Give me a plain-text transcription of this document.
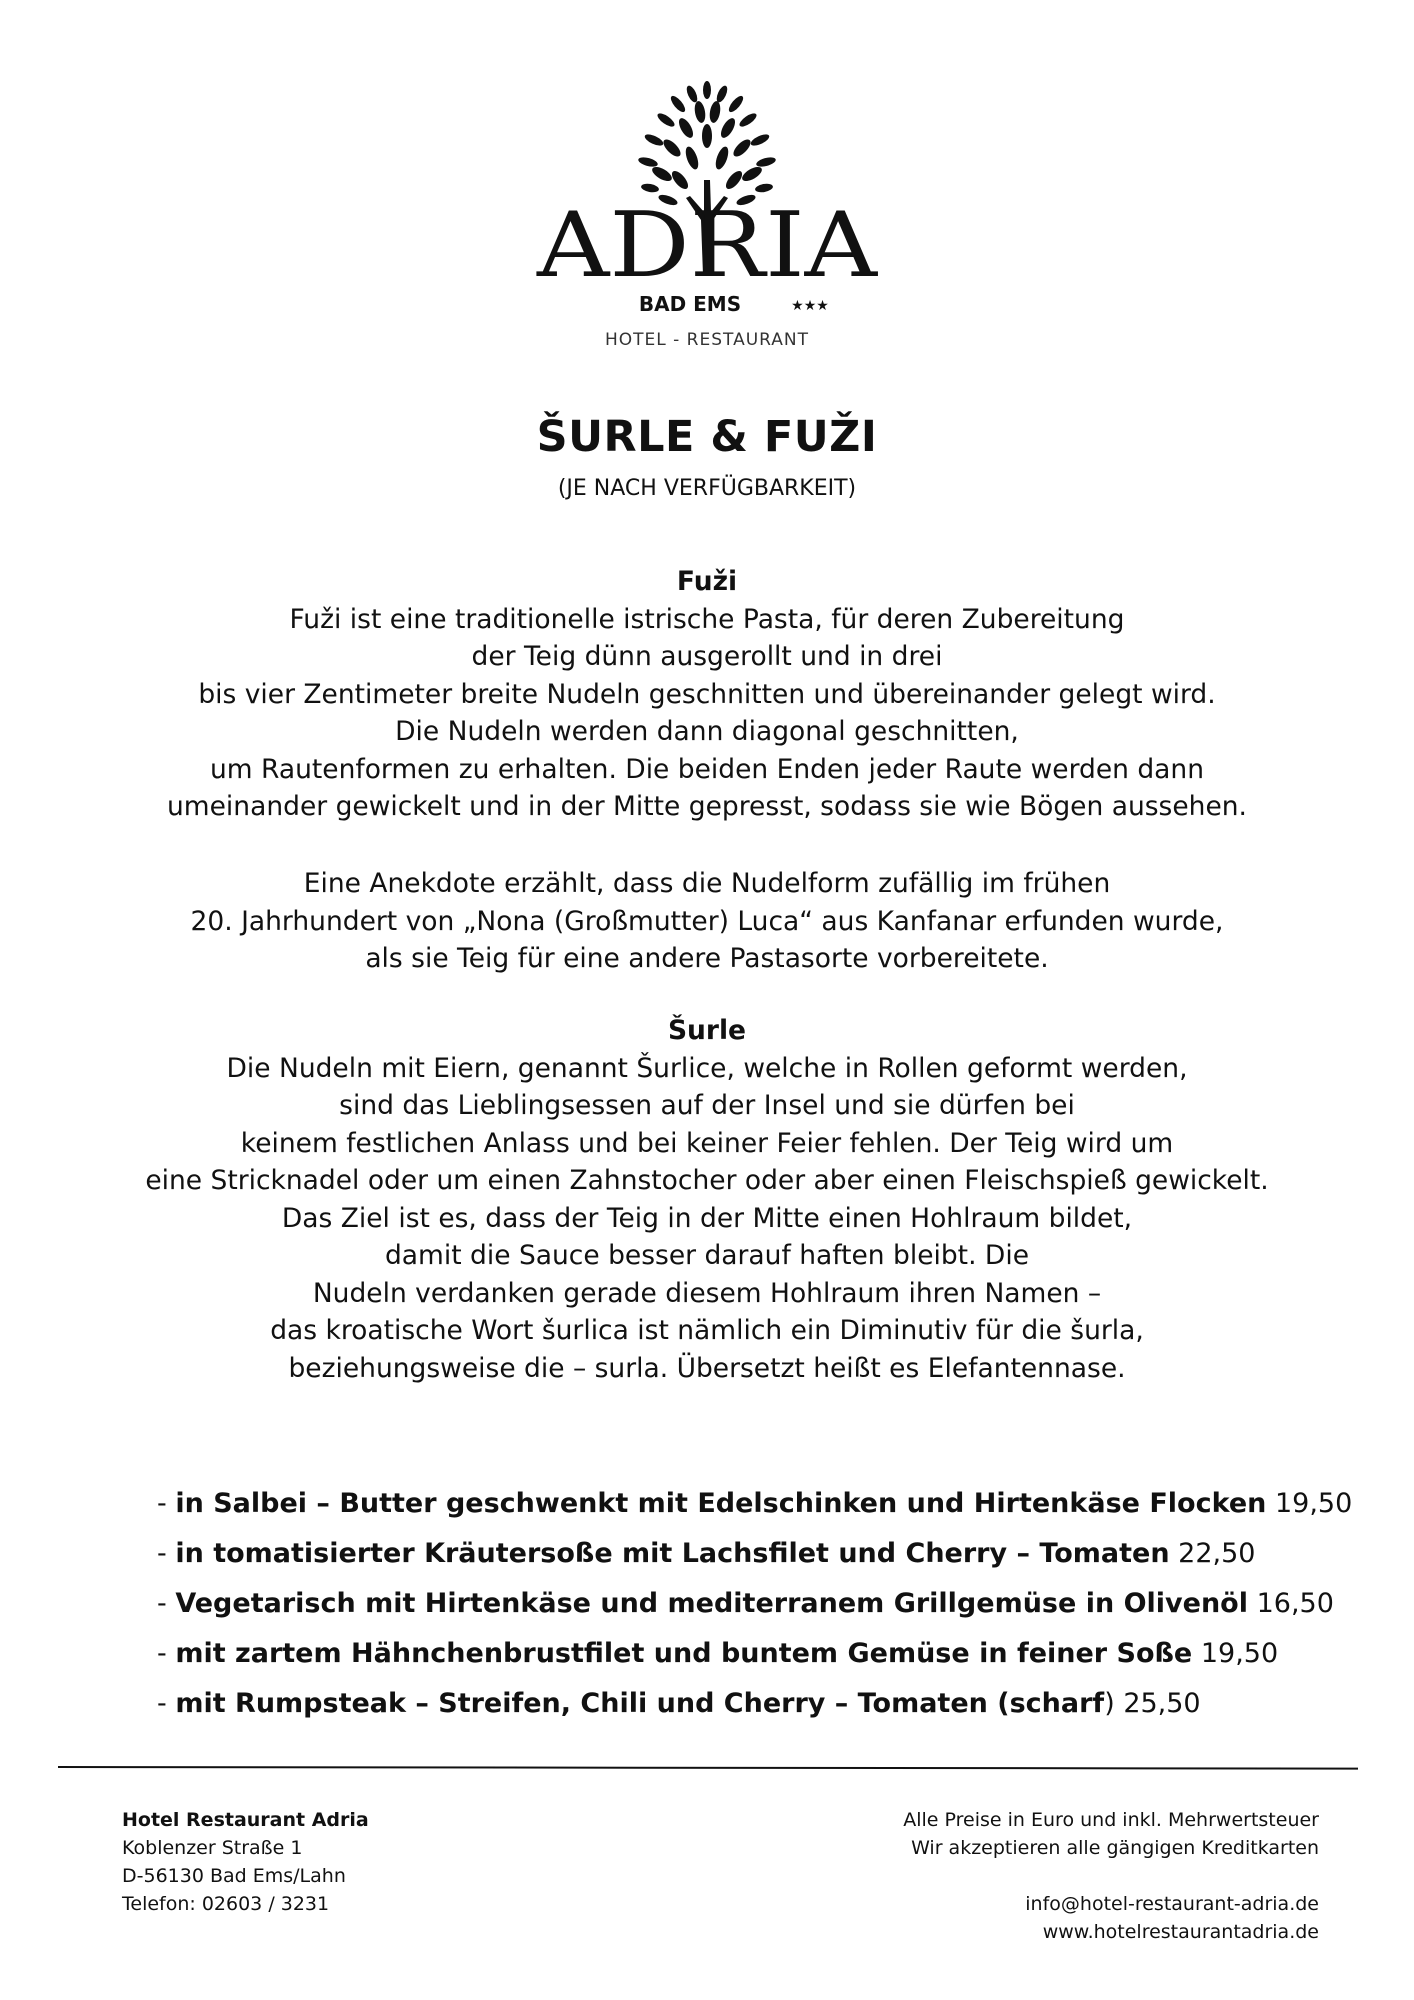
ADRIA
BAD EMS	★★★
HOTEL - RESTAURANT
ŠURLE & FUŽI
(JE NACH VERFÜGBARKEIT)
Fuži
Fuži ist eine traditionelle istrische Pasta, für deren Zubereitung
der Teig dünn ausgerollt und in drei
bis vier Zentimeter breite Nudeln geschnitten und übereinander gelegt wird.
Die Nudeln werden dann diagonal geschnitten,
um Rautenformen zu erhalten. Die beiden Enden jeder Raute werden dann
umeinander gewickelt und in der Mitte gepresst, sodass sie wie Bögen aussehen.
Eine Anekdote erzählt, dass die Nudelform zufällig im frühen
20. Jahrhundert von „Nona (Großmutter) Luca“ aus Kanfanar erfunden wurde,
als sie Teig für eine andere Pastasorte vorbereitete.
Šurle
Die Nudeln mit Eiern, genannt Šurlice, welche in Rollen geformt werden,
sind das Lieblingsessen auf der Insel und sie dürfen bei
keinem festlichen Anlass und bei keiner Feier fehlen. Der Teig wird um
eine Stricknadel oder um einen Zahnstocher oder aber einen Fleischspieß gewickelt.
Das Ziel ist es, dass der Teig in der Mitte einen Hohlraum bildet,
damit die Sauce besser darauf haften bleibt. Die
Nudeln verdanken gerade diesem Hohlraum ihren Namen –
das kroatische Wort šurlica ist nämlich ein Diminutiv für die šurla,
beziehungsweise die – surla. Übersetzt heißt es Elefantennase.
- in Salbei – Butter geschwenkt mit Edelschinken und Hirtenkäse Flocken 19,50
- in tomatisierter Kräutersoße mit Lachsfilet und Cherry – Tomaten 22,50
- Vegetarisch mit Hirtenkäse und mediterranem Grillgemüse in Olivenöl 16,50
- mit zartem Hähnchenbrustfilet und buntem Gemüse in feiner Soße 19,50
- mit Rumpsteak – Streifen, Chili und Cherry – Tomaten (scharf) 25,50
Hotel Restaurant Adria
Koblenzer Straße 1
D-56130 Bad Ems/Lahn
Telefon: 02603 / 3231
Alle Preise in Euro und inkl. Mehrwertsteuer
Wir akzeptieren alle gängigen Kreditkarten
info@hotel-restaurant-adria.de
www.hotelrestaurantadria.de
